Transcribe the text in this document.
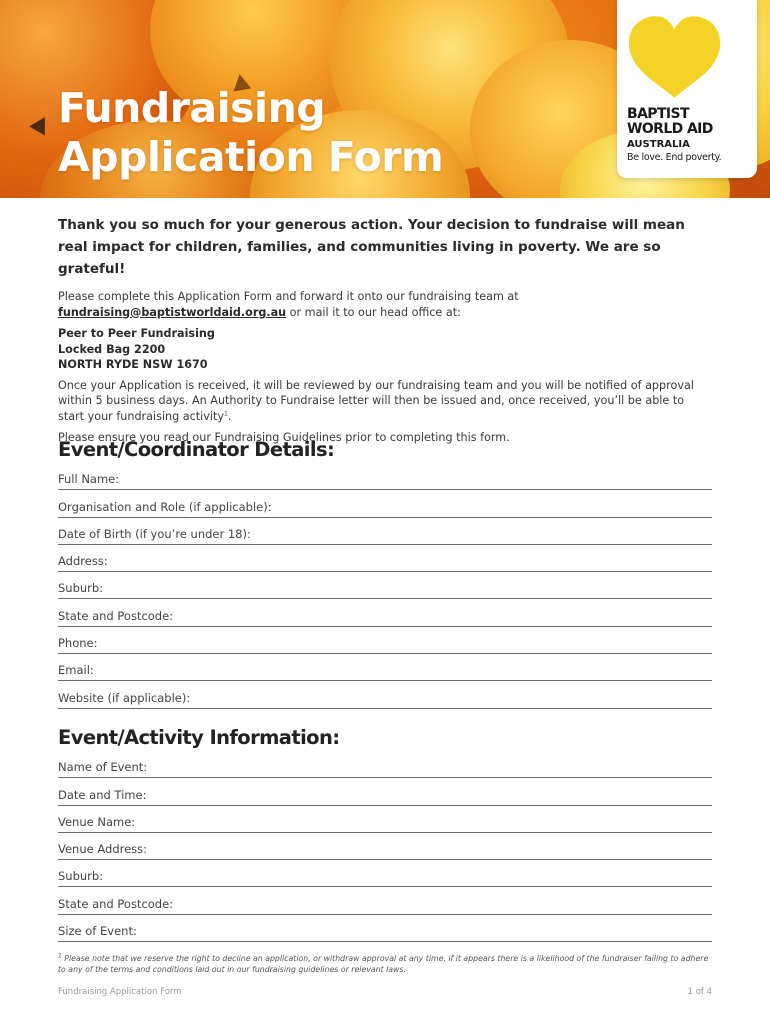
Fundraising
Application Form
BAPTIST
WORLD AID
AUSTRALIA
Be love. End poverty.

Thank you so much for your generous action. Your decision to fundraise will mean real impact for children, families, and communities living in poverty. We are so grateful!

Please complete this Application Form and forward it onto our fundraising team at
fundraising@baptistworldaid.org.au or mail it to our head office at:

Peer to Peer Fundraising
Locked Bag 2200
NORTH RYDE NSW 1670

Once your Application is received, it will be reviewed by our fundraising team and you will be notified of approval within 5 business days. An Authority to Fundraise letter will then be issued and, once received, you’ll be able to start your fundraising activity$^1$.

Please ensure you read our Fundraising Guidelines prior to completing this form.

Event/Coordinator Details:
Full Name:
Organisation and Role (if applicable):
Date of Birth (if you’re under 18):
Address:
Suburb:
State and Postcode:
Phone:
Email:
Website (if applicable):
Event/Activity Information:
Name of Event:
Date and Time:
Venue Name:
Venue Address:
Suburb:
State and Postcode:
Size of Event:
$^1$ Please note that we reserve the right to decline an application, or withdraw approval at any time, if it appears there is a likelihood of the fundraiser failing to adhere to any of the terms and conditions laid out in our fundraising guidelines or relevant laws.
Fundraising Application Form	1 of 4
